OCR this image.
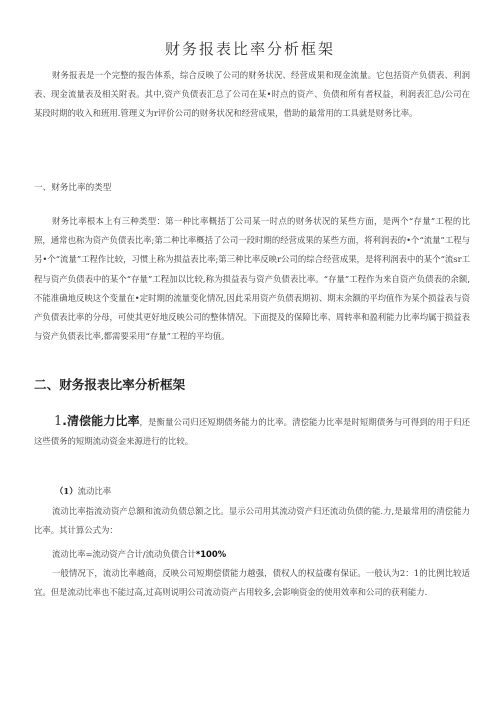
财务报表比率分析框架

财务报表是一个完整的报告体系，综合反映了公司的财务状况、经营成果和现金流量。它包括资产负债表、利润表、现金流量表及相关附表。其中,资产负债表汇总了公司在某•时点的资产、负债和所有者权益，利润表汇总/公司在某段时期的收入和班用.管理义为r评价公司的财务状况和经营成果，借助的最常用的工具就是财务比率。

一、财务比率的类型

财务比率根本上有三种类型：第一种比率概括丁公司某一时点的财务状况的某些方面，是两个“存量”工程的比照，通常也称为资产负债表比率;第二种比率概括了公司一段时期的经营成果的某些方面，将利润表的•个“流量”工程与另•个“流量”工程作比较，习惯上称为损益表比率;第三种比率反映r公司的综合经营成果，是将利润表中的某个“流sr工程与资产负债表中的某个“存量”工程加以比较,称为损益表与资产负债表比率。“存量”工程作为来自资产负债表的余额,不能准确地反映这个变量在•定时期的流量变化情况,因此采用资产负债表期初、期末余额的平均值作为某个损益表与资产负债表比率的分母，可使其更好地反映公司的整体情况。下面提及的保障比率、周转率和盈利能力比率均属于损益表与资产负债表比率,都需要采用“存量”工程的平均值。

二、财务报表比率分析框架

1.清偿能力比率，是衡量公司归还短期债务能力的比率。清偿能力比率是时短期债务与可得到的用于归还这些债务的短期流动资金来源进行的比较。

（1）流动比率

流动比率指流动资产总额和流动负债总额之比。显示公司用其流动资产归还流动负债的能.力,是最常用的清偿能力比率。其计算公式为：

流动比率=流动资产合计/流动负债合计*100%

一般情况下，流动比率越商，反映公司短期偿债能力越强，债权人的权益碟有保证。一般认为2：1的比例比较适宜。但是流动比率也不能过高,过高则说明公司流动资产占用较多,会影响资金的使用效率和公司的获利能力.
